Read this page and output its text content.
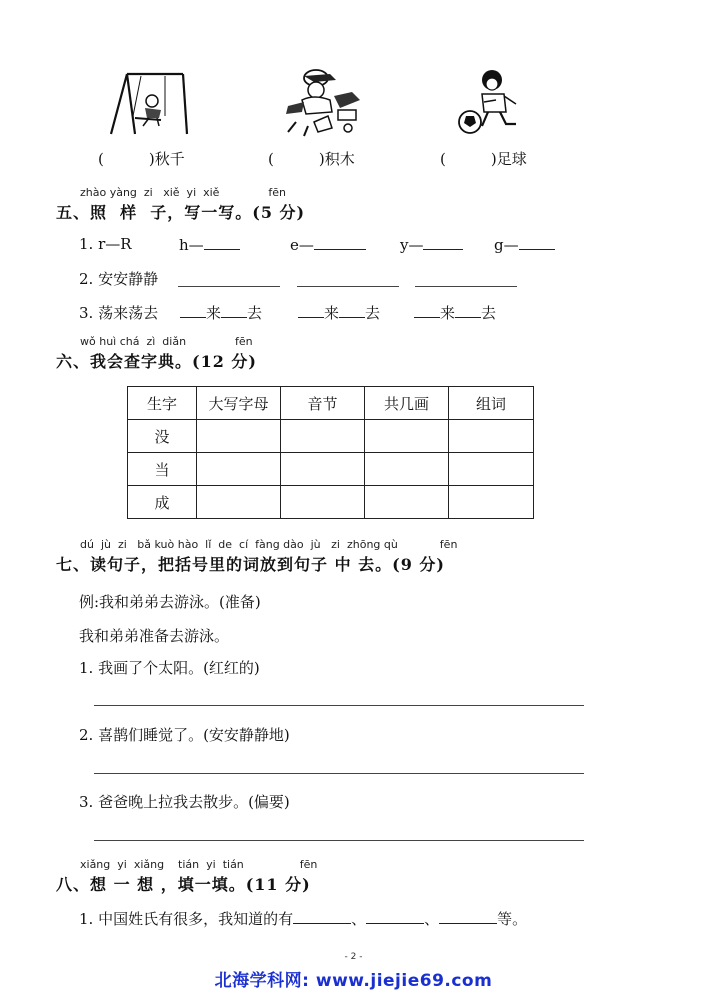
(　　　)秋千	(　　　)积木	(　　　)足球
zhào yàng  zi   xiě  yi  xiě              fēn
五、照  样  子，写一写。(5 分)
1. r—R	h—	e—	y—	g—
2. 安安静静
3. 荡来荡去	来 去	来 去	来 去
wǒ huì chá  zì  diǎn              fēn
六、我会查字典。(12 分)
生字	大写字母	音节	共几画	组词
没				
当				
成				
dú  jù  zi   bǎ kuò hào  lǐ  de  cí  fàng dào  jù   zi  zhōng qù            fēn
七、读句子，把括号里的词放到句子 中 去。(9 分)
例:我和弟弟去游泳。(准备)
我和弟弟准备去游泳。
1. 我画了个太阳。(红红的)
2. 喜鹊们睡觉了。(安安静静地)
3. 爸爸晚上拉我去散步。(偏要)
xiǎng  yi  xiǎng    tián  yi  tián                fēn
八、想 一 想 ，填一填。(11 分)
1. 中国姓氏有很多，我知道的有	、	、	等。
- 2 -
北海学科网: www.jiejie69.com
